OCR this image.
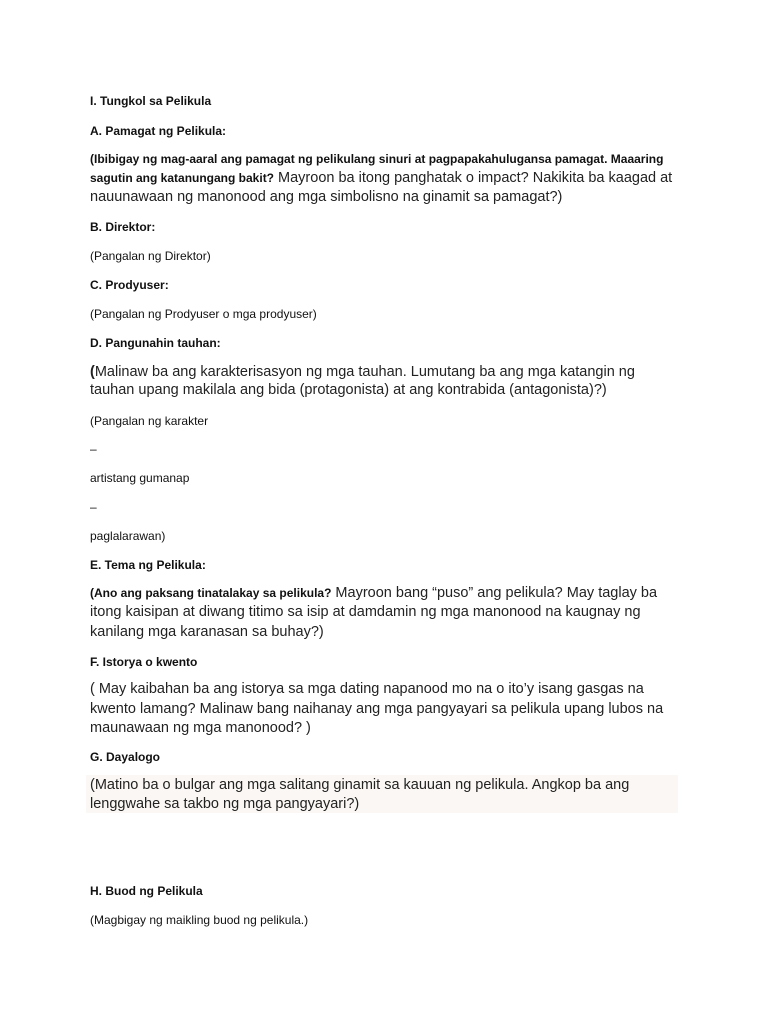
I. Tungkol sa Pelikula

A. Pamagat ng Pelikula:

(Ibibigay ng mag-aaral ang pamagat ng pelikulang sinuri at pagpapakahulugansa pamagat. Maaaring

sagutin ang katanungang bakit? Mayroon ba itong panghatak o impact? Nakikita ba kaagad at

nauunawaan ng manonood ang mga simbolisno na ginamit sa pamagat?)

B. Direktor:

(Pangalan ng Direktor)

C. Prodyuser:

(Pangalan ng Prodyuser o mga prodyuser)

D. Pangunahin tauhan:

(Malinaw ba ang karakterisasyon ng mga tauhan. Lumutang ba ang mga katangin ng

tauhan upang makilala ang bida (protagonista) at ang kontrabida (antagonista)?)

(Pangalan ng karakter

–

artistang gumanap

–

paglalarawan)

E. Tema ng Pelikula:

(Ano ang paksang tinatalakay sa pelikula? Mayroon bang “puso” ang pelikula? May taglay ba

itong kaisipan at diwang titimo sa isip at damdamin ng mga manonood na kaugnay ng

kanilang mga karanasan sa buhay?)

F. Istorya o kwento

( May kaibahan ba ang istorya sa mga dating napanood mo na o ito’y isang gasgas na

kwento lamang? Malinaw bang naihanay ang mga pangyayari sa pelikula upang lubos na

maunawaan ng mga manonood? )

G. Dayalogo

(Matino ba o bulgar ang mga salitang ginamit sa kauuan ng pelikula. Angkop ba ang

lenggwahe sa takbo ng mga pangyayari?)

H. Buod ng Pelikula

(Magbigay ng maikling buod ng pelikula.)
